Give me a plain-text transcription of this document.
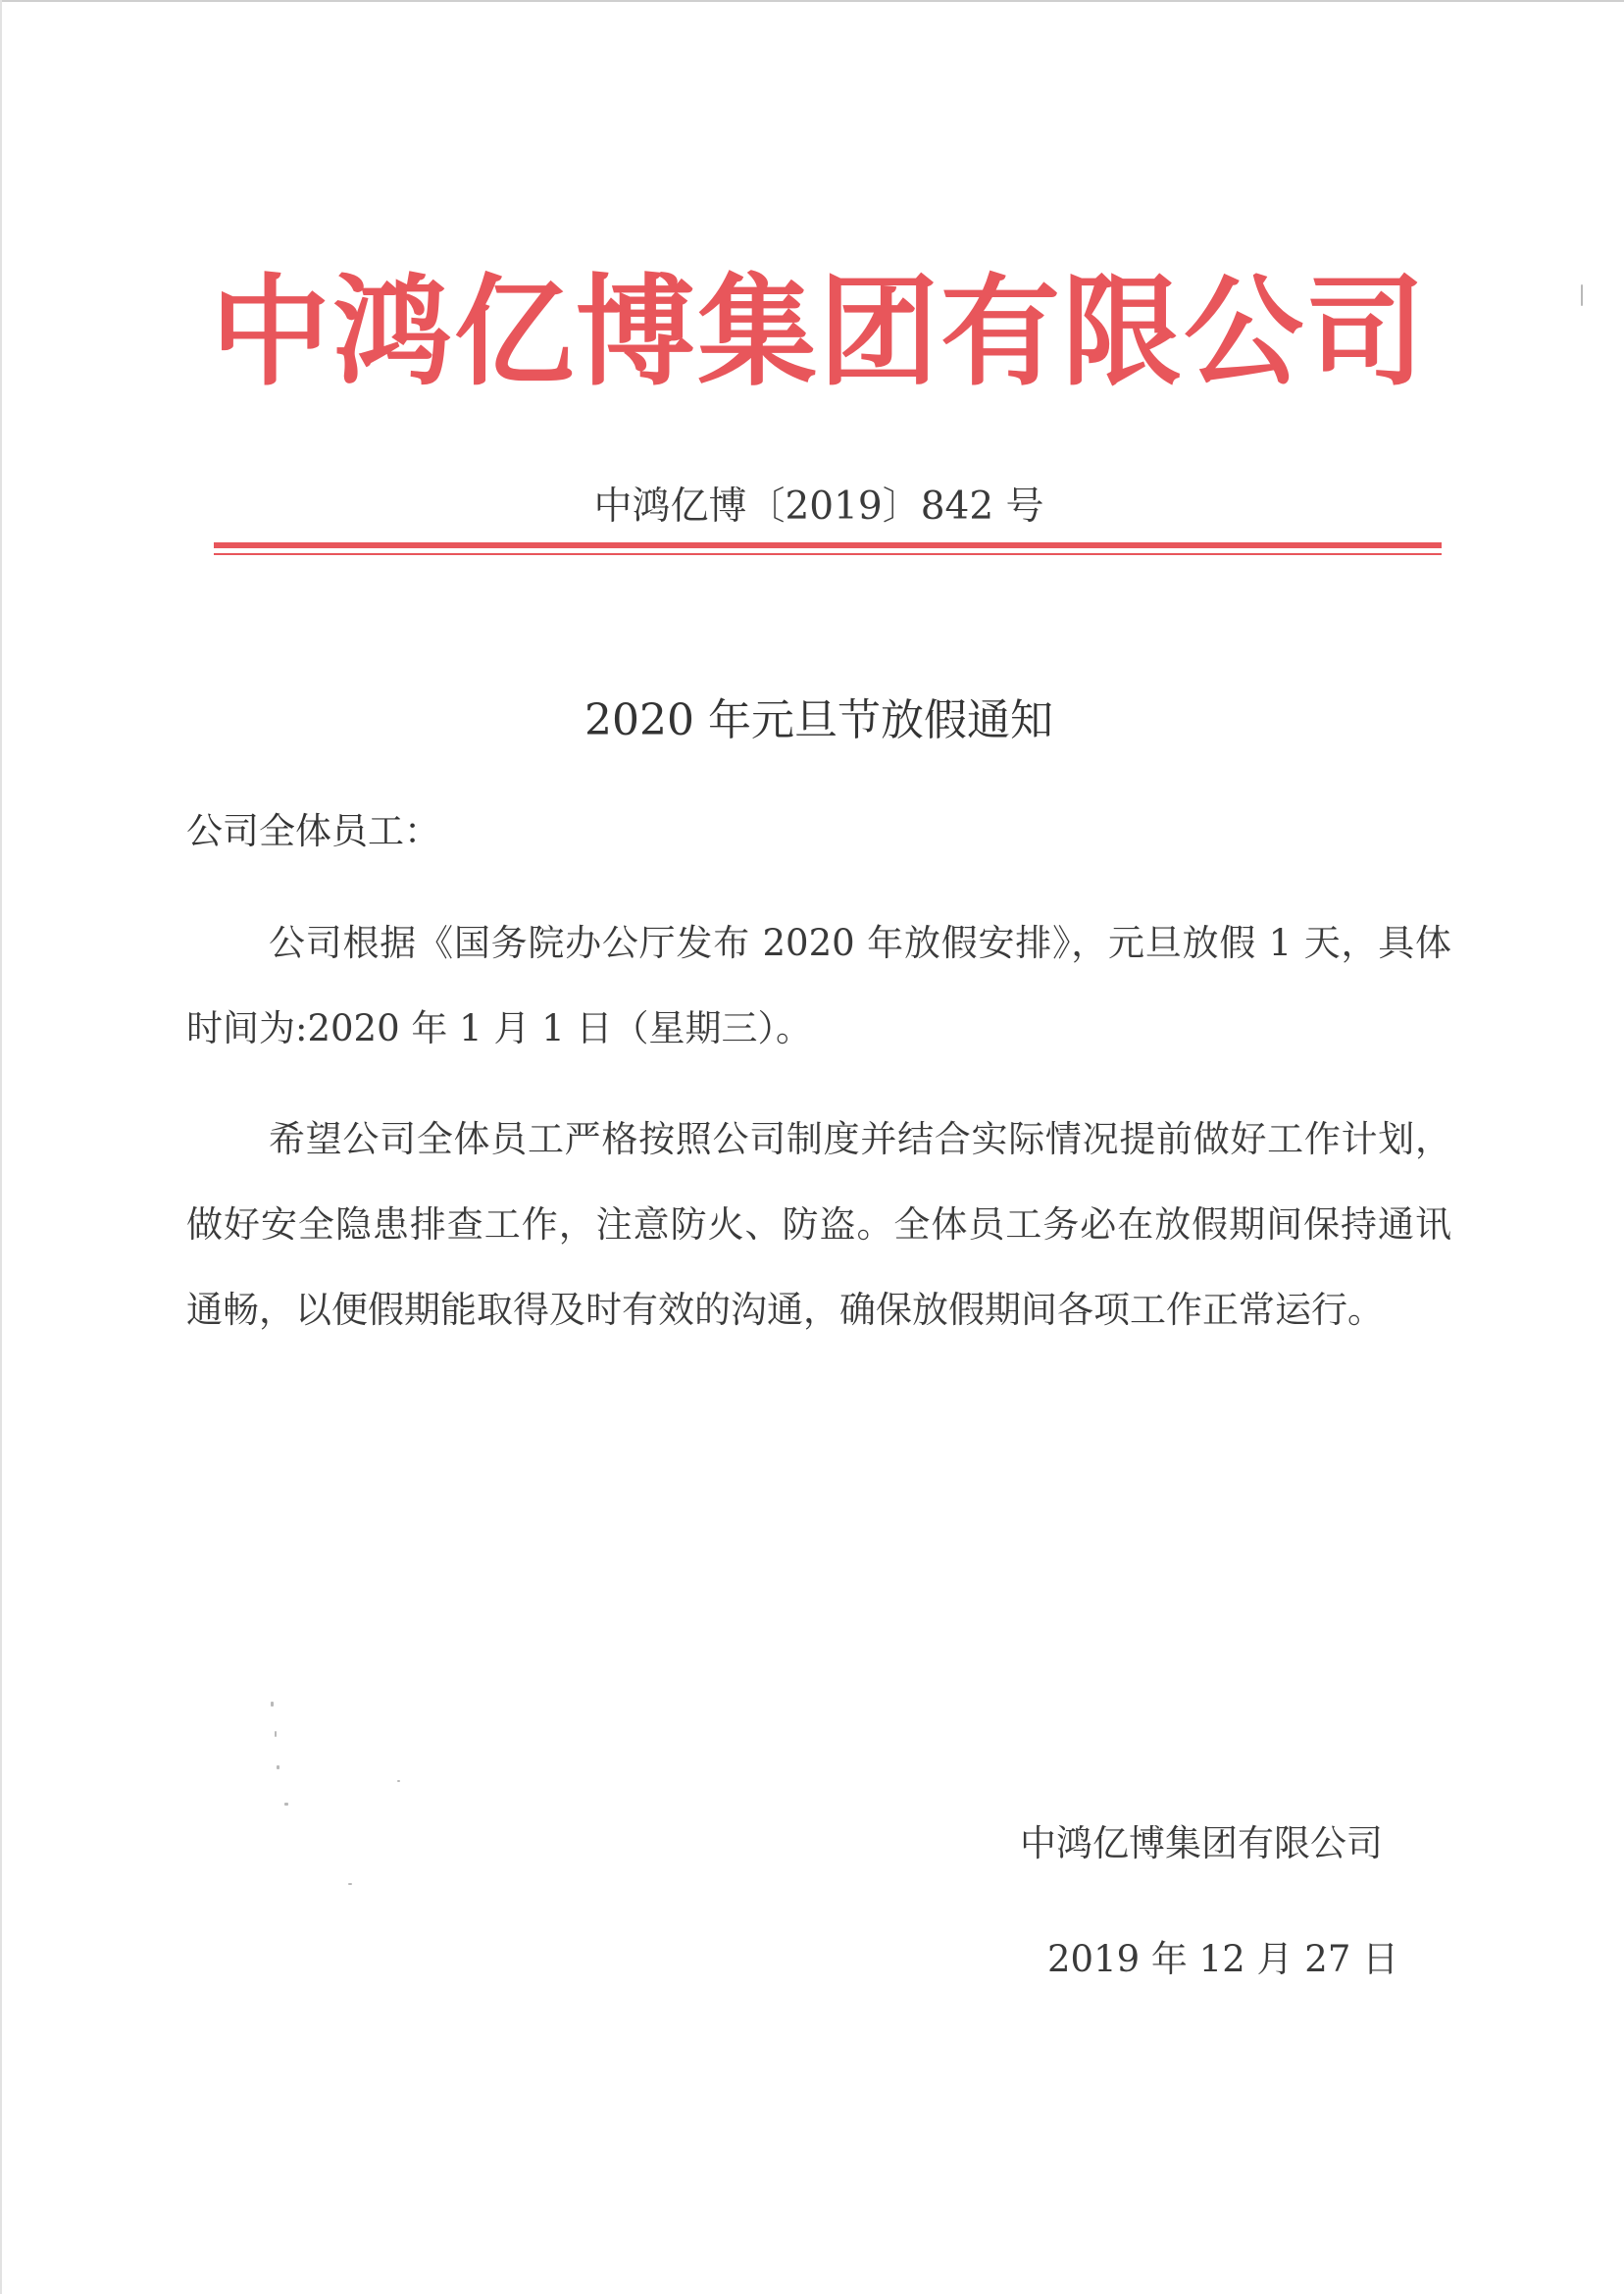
中鸿亿博集团有限公司
中鸿亿博〔2019〕842 号
2020 年元旦节放假通知
公司全体员工：
公司根据《国务院办公厅发布 2020 年放假安排》，元旦放假 1 天，具体时间为:2020 年 1 月 1 日（星期三）。
希望公司全体员工严格按照公司制度并结合实际情况提前做好工作计划，做好安全隐患排查工作，注意防火、防盗。全体员工务必在放假期间保持通讯通畅，以便假期能取得及时有效的沟通，确保放假期间各项工作正常运行。
中鸿亿博集团有限公司
2019 年 12 月 27 日
